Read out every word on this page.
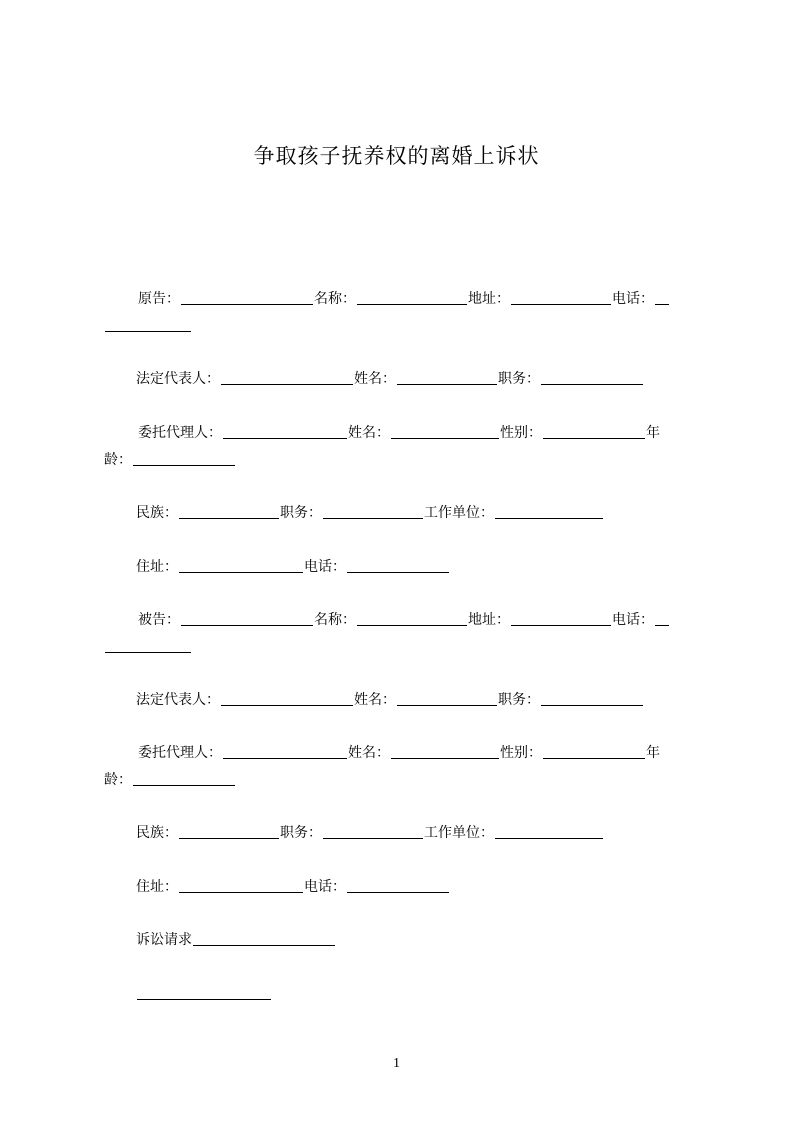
争取孩子抚养权的离婚上诉状
原告：	名称：	地址：	电话：
法定代表人：	姓名：	职务：
委托代理人：	姓名：	性别：	年
龄：
民族：	职务：	工作单位：
住址：	电话：
被告：	名称：	地址：	电话：
法定代表人：	姓名：	职务：
委托代理人：	姓名：	性别：	年
龄：
民族：	职务：	工作单位：
住址：	电话：
诉讼请求
1
